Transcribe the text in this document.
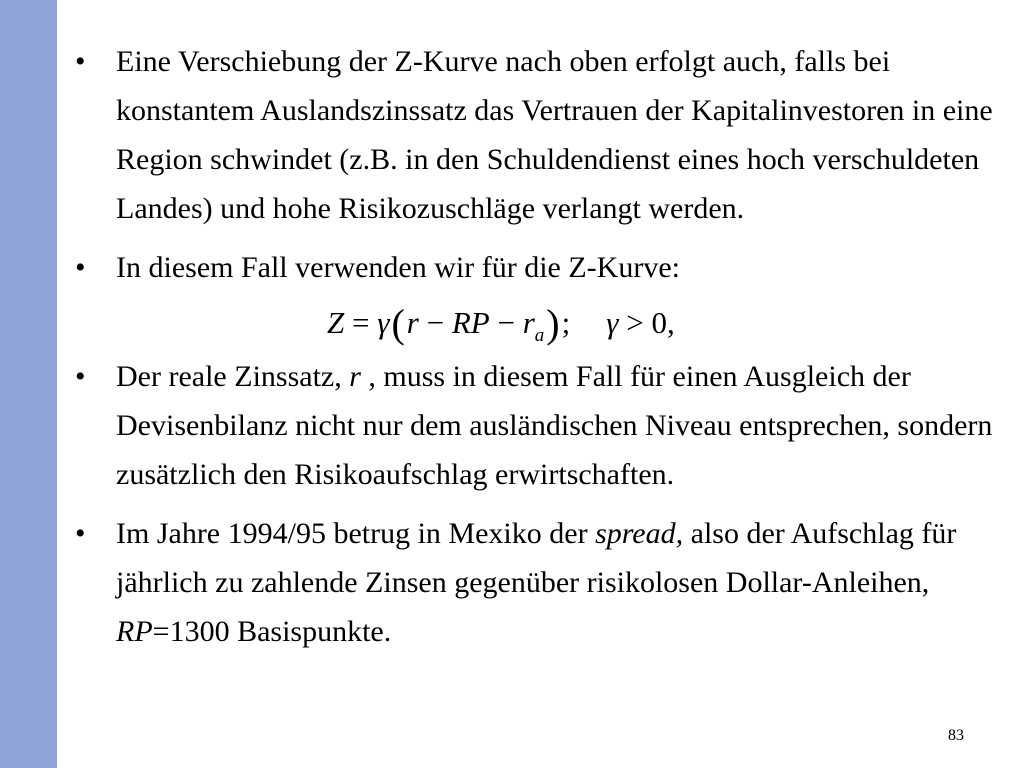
•	Eine Verschiebung der Z-Kurve nach oben erfolgt auch, falls bei konstantem Auslandszinssatz das Vertrauen der Kapitalinvestoren in eine Region schwindet (z.B. in den Schuldendienst eines hoch verschuldeten Landes) und hohe Risikozuschläge verlangt werden.
•	In diesem Fall verwenden wir für die Z-Kurve:
Z = γ(r − RP − $r_a$); γ > 0,
•	Der reale Zinssatz, r , muss in diesem Fall für einen Ausgleich der Devisenbilanz nicht nur dem ausländischen Niveau entsprechen, sondern zusätzlich den Risikoaufschlag erwirtschaften.
•	Im Jahre 1994/95 betrug in Mexiko der spread, also der Aufschlag für jährlich zu zahlende Zinsen gegenüber risikolosen Dollar-Anleihen, RP=1300 Basispunkte.
83
